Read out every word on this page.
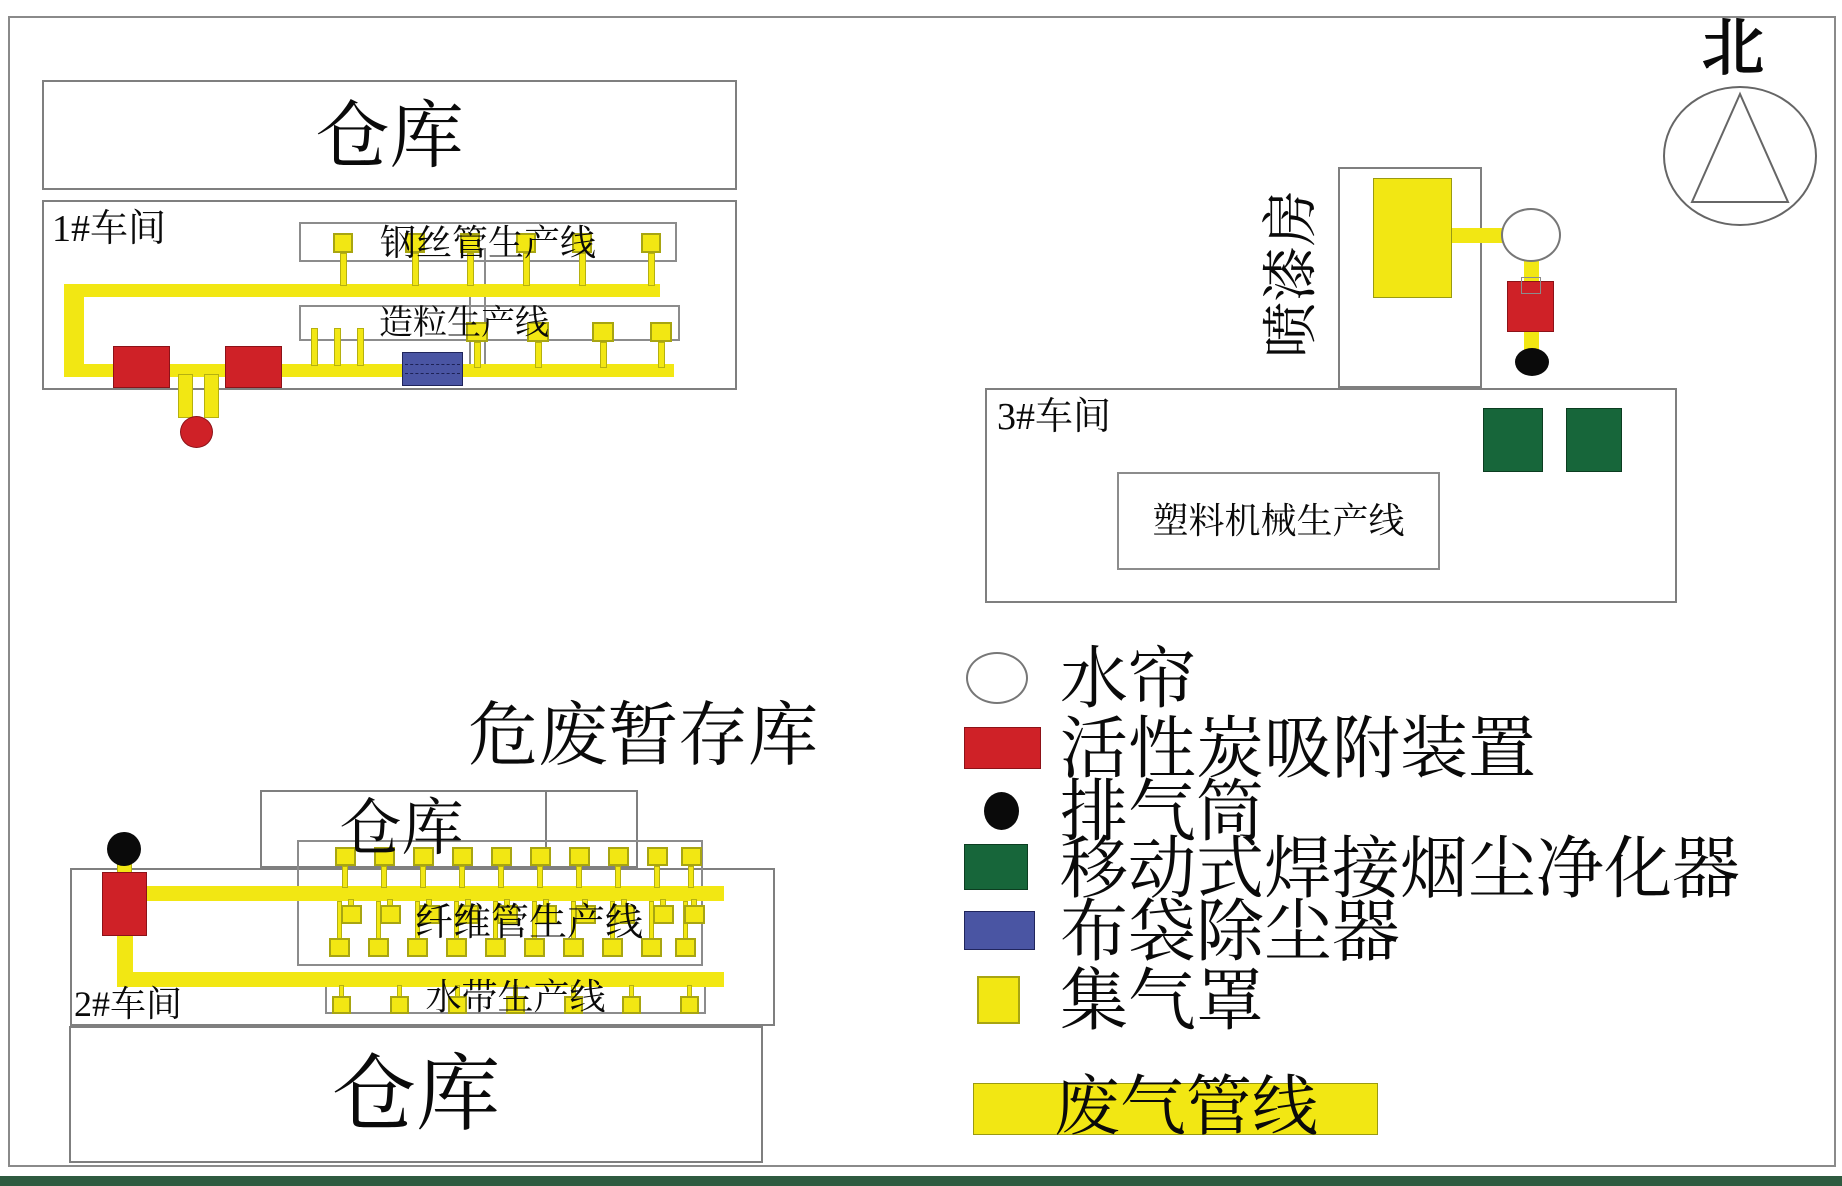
仓库
1#车间	钢丝管生产线
造粒生产线	喷漆房
3#车间
塑料机械生产线
北
危废暂存库
仓库
2#车间
纤维管生产线
水带生产线
仓库
水帘
活性炭吸附装置
排气筒
移动式焊接烟尘净化器
布袋除尘器
集气罩
废气管线
